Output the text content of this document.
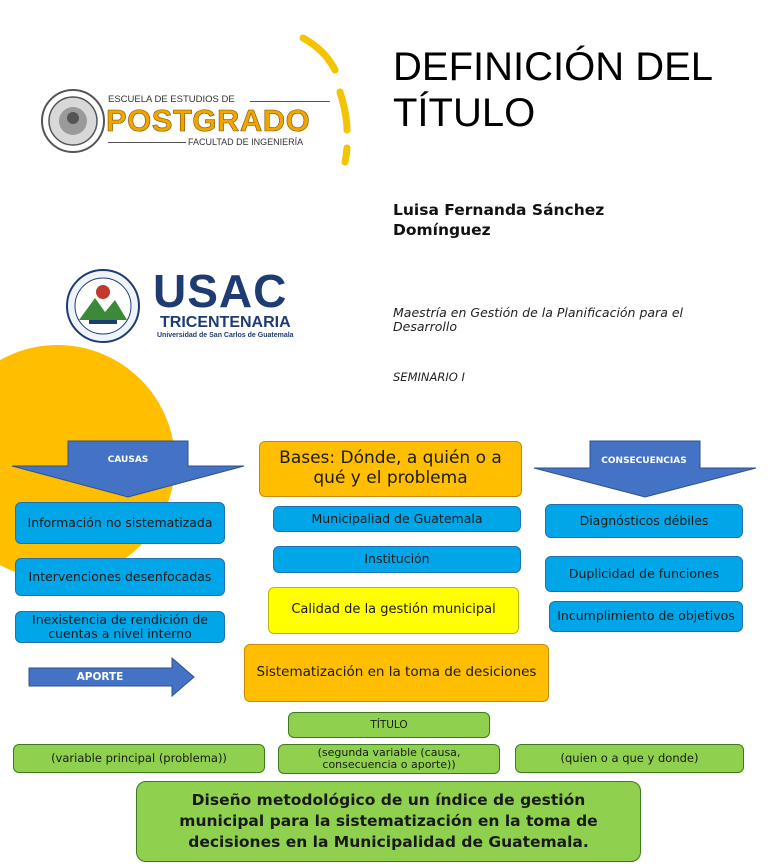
ESCUELA DE ESTUDIOS DE
POSTGRADO
FACULTAD DE INGENIERÍA
USAC
TRICENTENARIA
Universidad de San Carlos de Guatemala
DEFINICIÓN DEL TÍTULO
Luisa Fernanda Sánchez Domínguez
Maestría en Gestión de la Planificación para el Desarrollo
SEMINARIO I
CAUSAS	CONSECUENCIAS
Bases: Dónde, a quién o a qué y el problema
Información no sistematizada
Intervenciones desenfocadas
Inexistencia de rendición de cuentas a nivel interno
Municipaliad de Guatemala
Institución
Calidad de la gestión municipal
Diagnósticos débiles
Duplicidad de funciones
Incumplimiento de objetivos
APORTE	Sistematización en la toma de desiciones
TÍTULO
(variable principal (problema))	(segunda variable (causa, consecuencia o aporte))	(quien o a que y donde)
Diseño metodológico de un índice de gestión municipal para la sistematización en la toma de decisiones en la Municipalidad de Guatemala.
